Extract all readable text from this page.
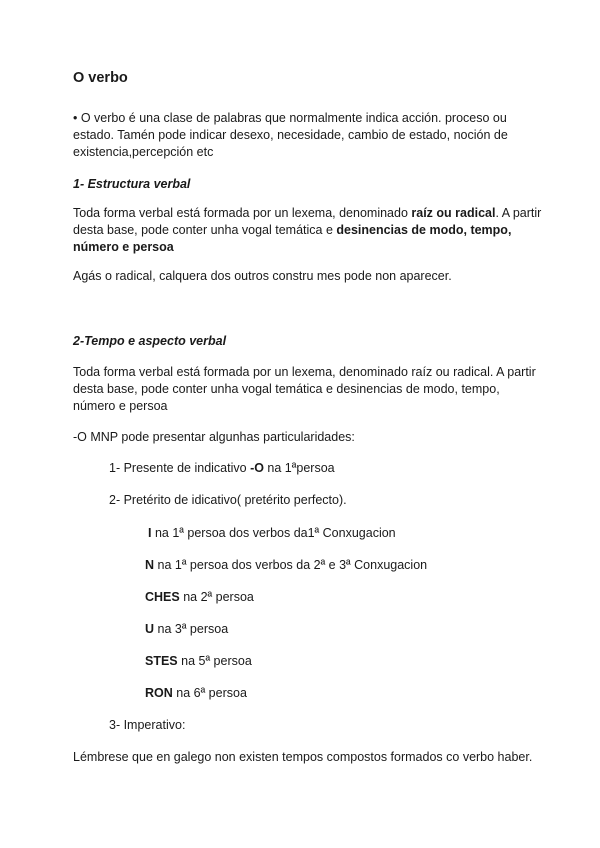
O verbo
• O verbo é una clase de palabras que normalmente indica acción. proceso ou
estado. Tamén pode indicar desexo, necesidade, cambio de estado, noción de
existencia,percepción etc
1- Estructura verbal
Toda forma verbal está formada por un lexema, denominado raíz ou radical. A partir
desta base, pode conter unha vogal temática e desinencias de modo, tempo,
número e persoa
Agás o radical, calquera dos outros constru mes pode non aparecer.
2-Tempo e aspecto verbal
Toda forma verbal está formada por un lexema, denominado raíz ou radical. A partir
desta base, pode conter unha vogal temática e desinencias de modo, tempo,
número e persoa
-O MNP pode presentar algunhas particularidades:
1- Presente de indicativo -O na 1ªpersoa
2- Pretérito de idicativo( pretérito perfecto).
I na 1ª persoa dos verbos da1ª Conxugacion
N na 1ª persoa dos verbos da 2ª e 3ª Conxugacion
CHES na 2ª persoa
U na 3ª persoa
STES na 5ª persoa
RON na 6ª persoa
3- Imperativo:
Lémbrese que en galego non existen tempos compostos formados co verbo haber.
